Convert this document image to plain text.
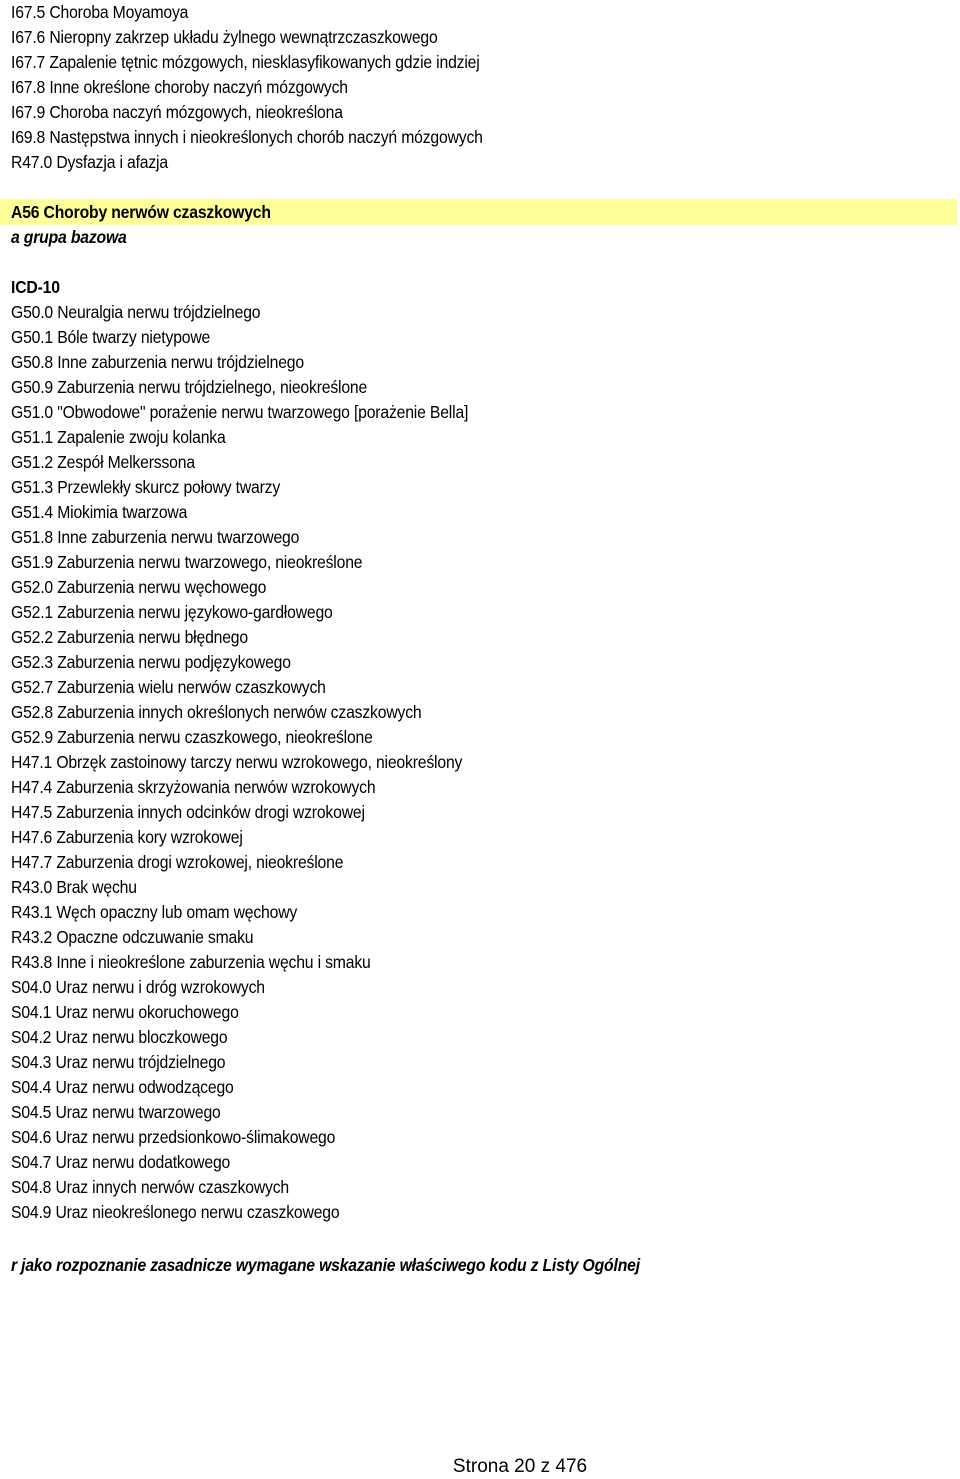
I67.5 Choroba Moyamoya
I67.6 Nieropny zakrzep układu żylnego wewnątrzczaszkowego
I67.7 Zapalenie tętnic mózgowych, niesklasyfikowanych gdzie indziej
I67.8 Inne określone choroby naczyń mózgowych
I67.9 Choroba naczyń mózgowych, nieokreślona
I69.8 Następstwa innych i nieokreślonych chorób naczyń mózgowych
R47.0 Dysfazja i afazja
A56 Choroby nerwów czaszkowych
a grupa bazowa
ICD-10
G50.0 Neuralgia nerwu trójdzielnego
G50.1 Bóle twarzy nietypowe
G50.8 Inne zaburzenia nerwu trójdzielnego
G50.9 Zaburzenia nerwu trójdzielnego, nieokreślone
G51.0 "Obwodowe" porażenie nerwu twarzowego [porażenie Bella]
G51.1 Zapalenie zwoju kolanka
G51.2 Zespół Melkerssona
G51.3 Przewlekły skurcz połowy twarzy
G51.4 Miokimia twarzowa
G51.8 Inne zaburzenia nerwu twarzowego
G51.9 Zaburzenia nerwu twarzowego, nieokreślone
G52.0 Zaburzenia nerwu węchowego
G52.1 Zaburzenia nerwu językowo-gardłowego
G52.2 Zaburzenia nerwu błędnego
G52.3 Zaburzenia nerwu podjęzykowego
G52.7 Zaburzenia wielu nerwów czaszkowych
G52.8 Zaburzenia innych określonych nerwów czaszkowych
G52.9 Zaburzenia nerwu czaszkowego, nieokreślone
H47.1 Obrzęk zastoinowy tarczy nerwu wzrokowego, nieokreślony
H47.4 Zaburzenia skrzyżowania nerwów wzrokowych
H47.5 Zaburzenia innych odcinków drogi wzrokowej
H47.6 Zaburzenia kory wzrokowej
H47.7 Zaburzenia drogi wzrokowej, nieokreślone
R43.0 Brak węchu
R43.1 Węch opaczny lub omam węchowy
R43.2 Opaczne odczuwanie smaku
R43.8 Inne i nieokreślone zaburzenia węchu i smaku
S04.0 Uraz nerwu i dróg wzrokowych
S04.1 Uraz nerwu okoruchowego
S04.2 Uraz nerwu bloczkowego
S04.3 Uraz nerwu trójdzielnego
S04.4 Uraz nerwu odwodzącego
S04.5 Uraz nerwu twarzowego
S04.6 Uraz nerwu przedsionkowo-ślimakowego
S04.7 Uraz nerwu dodatkowego
S04.8 Uraz innych nerwów czaszkowych
S04.9 Uraz nieokreślonego nerwu czaszkowego
r jako rozpoznanie zasadnicze wymagane wskazanie właściwego kodu z Listy Ogólnej
Strona 20 z 476
